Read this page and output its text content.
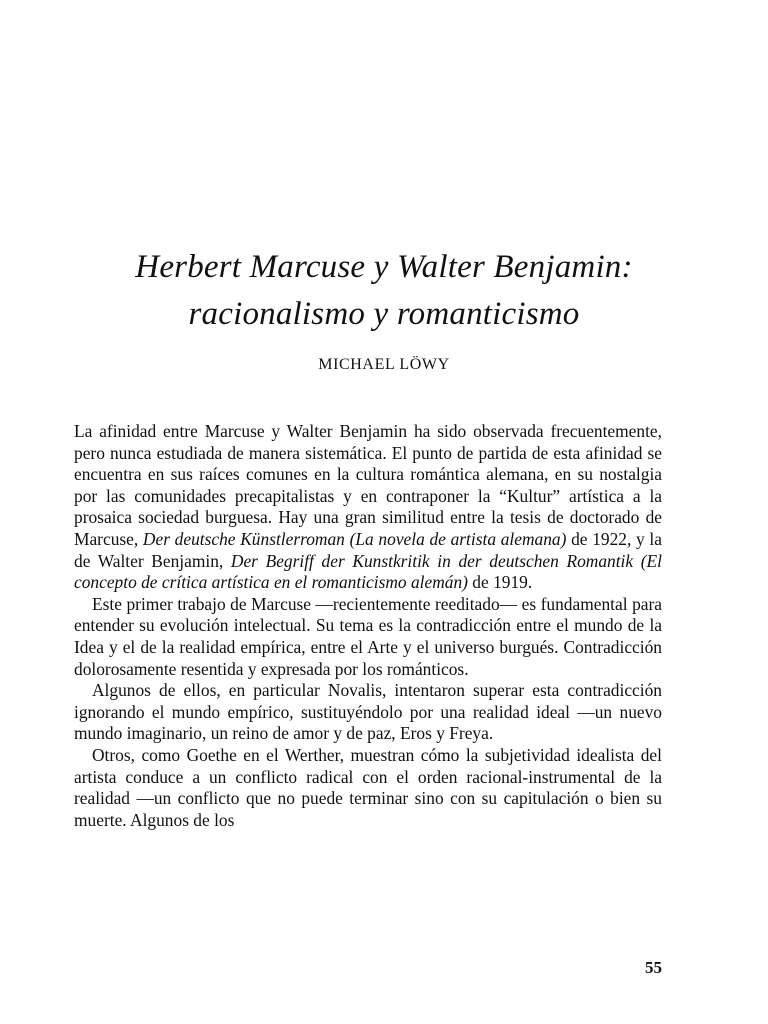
Herbert Marcuse y Walter Benjamin:
racionalismo y romanticismo
MICHAEL LÖWY

La afinidad entre Marcuse y Walter Benjamin ha sido observada frecuentemente, pero nunca estudiada de manera sistemática. El punto de partida de esta afinidad se encuentra en sus raíces comunes en la cultura romántica alemana, en su nostalgia por las comunidades precapitalistas y en contraponer la “Kultur” artística a la prosaica sociedad burguesa. Hay una gran similitud entre la tesis de doctorado de Marcuse, Der deutsche Künstlerroman (La novela de artista alemana) de 1922, y la de Walter Benjamin, Der Begriff der Kunstkritik in der deutschen Romantik (El concepto de crítica artística en el romanticismo alemán) de 1919.

Este primer trabajo de Marcuse —recientemente reeditado— es fundamental para entender su evolución intelectual. Su tema es la contradicción entre el mundo de la Idea y el de la realidad empírica, entre el Arte y el universo burgués. Contradicción dolorosamente resentida y expresada por los románticos.

Algunos de ellos, en particular Novalis, intentaron superar esta contradicción ignorando el mundo empírico, sustituyéndolo por una realidad ideal —un nuevo mundo imaginario, un reino de amor y de paz, Eros y Freya.

Otros, como Goethe en el Werther, muestran cómo la subjetividad idealista del artista conduce a un conflicto radical con el orden racional-instrumental de la realidad —un conflicto que no puede terminar sino con su capitulación o bien su muerte. Algunos de los

55
